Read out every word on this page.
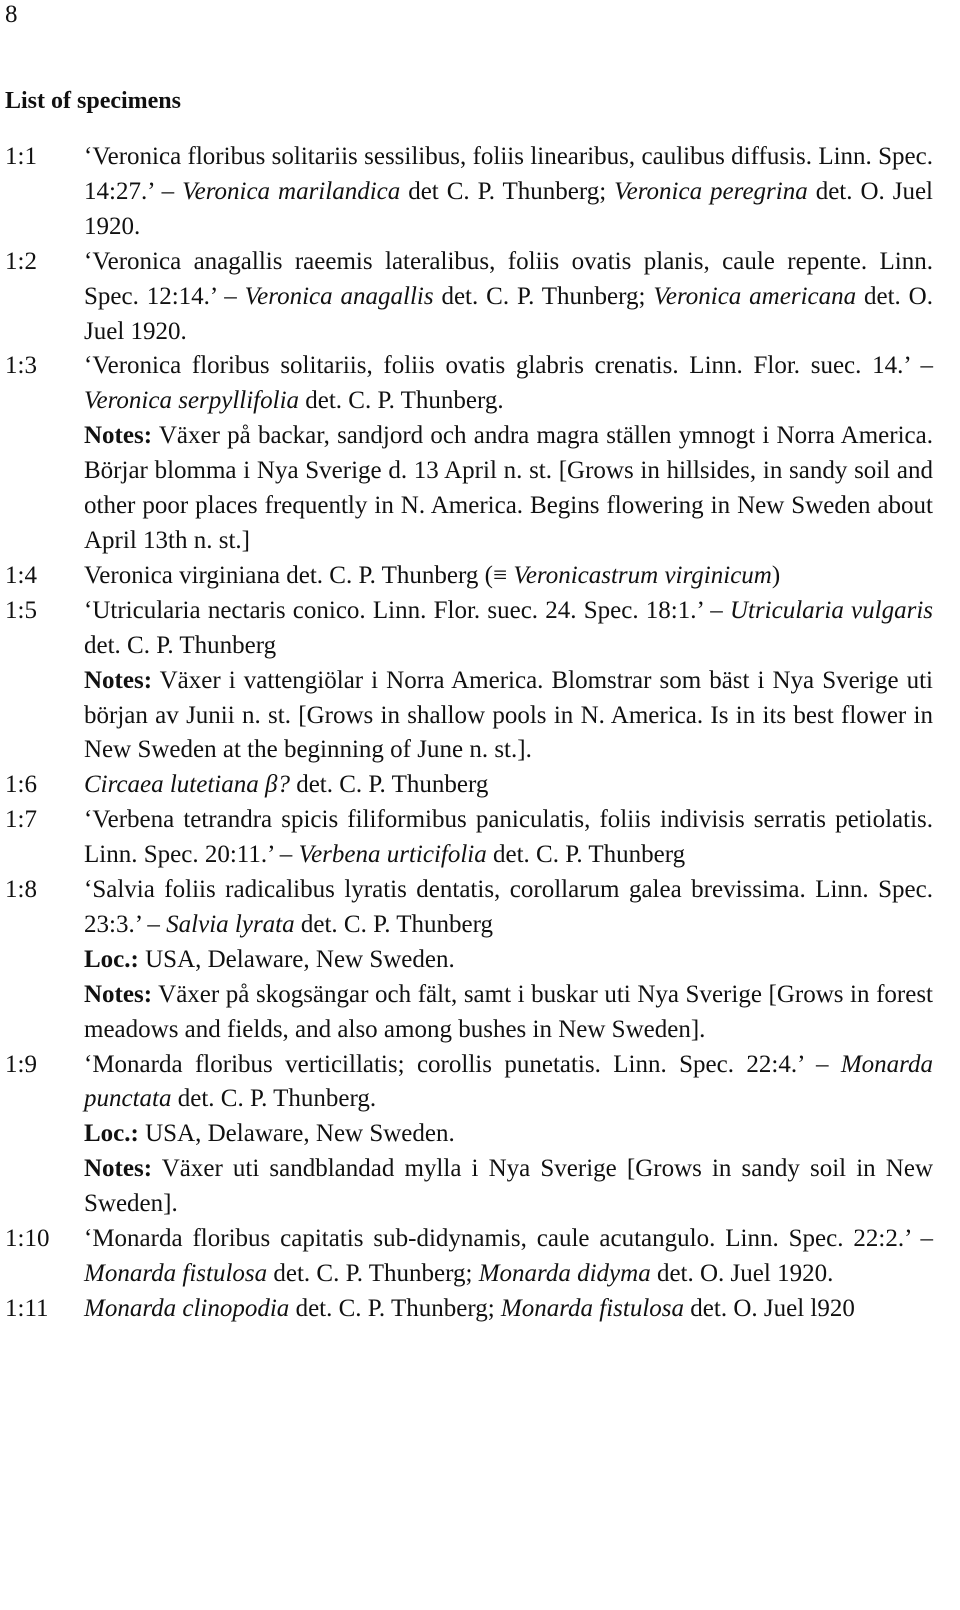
8
List of specimens
1:1	‘Veronica floribus solitariis sessilibus, foliis linearibus, caulibus diffusis. Linn. Spec. 14:27.’ – Veronica marilandica det C. P. Thunberg; Veronica peregrina det. O. Juel 1920.

1:2	‘Veronica anagallis raeemis lateralibus, foliis ovatis planis, caule repente. Linn. Spec. 12:14.’ – Veronica anagallis det. C. P. Thunberg; Veronica americana det. O. Juel 1920.

1:3	‘Veronica floribus solitariis, foliis ovatis glabris crenatis. Linn. Flor. suec. 14.’ – Veronica serpyllifolia det. C. P. Thunberg.

Notes: Växer på backar, sandjord och andra magra ställen ymnogt i Norra America. Börjar blomma i Nya Sverige d. 13 April n. st. [Grows in hillsides, in sandy soil and other poor places frequently in N. America. Begins flowering in New Sweden about April 13th n. st.]

1:4	Veronica virginiana det. C. P. Thunberg (≡ Veronicastrum virginicum)

1:5	‘Utricularia nectaris conico. Linn. Flor. suec. 24. Spec. 18:1.’ – Utricularia vulgaris det. C. P. Thunberg

Notes: Växer i vattengiölar i Norra America. Blomstrar som bäst i Nya Sverige uti början av Junii n. st. [Grows in shallow pools in N. America. Is in its best flower in New Sweden at the beginning of June n. st.].

1:6	Circaea lutetiana β? det. C. P. Thunberg

1:7	‘Verbena tetrandra spicis filiformibus paniculatis, foliis indivisis serratis petiolatis. Linn. Spec. 20:11.’ – Verbena urticifolia det. C. P. Thunberg

1:8	‘Salvia foliis radicalibus lyratis dentatis, corollarum galea brevissima. Linn. Spec. 23:3.’ – Salvia lyrata det. C. P. Thunberg

Loc.: USA, Delaware, New Sweden.

Notes: Växer på skogsängar och fält, samt i buskar uti Nya Sverige [Grows in forest meadows and fields, and also among bushes in New Sweden].

1:9	‘Monarda floribus verticillatis; corollis punetatis. Linn. Spec. 22:4.’ – Monarda punctata det. C. P. Thunberg.

Loc.: USA, Delaware, New Sweden.

Notes: Växer uti sandblandad mylla i Nya Sverige [Grows in sandy soil in New Sweden].

1:10	‘Monarda floribus capitatis sub-didynamis, caule acutangulo. Linn. Spec. 22:2.’ – Monarda fistulosa det. C. P. Thunberg; Monarda didyma det. O. Juel 1920.

1:11	Monarda clinopodia det. C. P. Thunberg; Monarda fistulosa det. O. Juel l920
